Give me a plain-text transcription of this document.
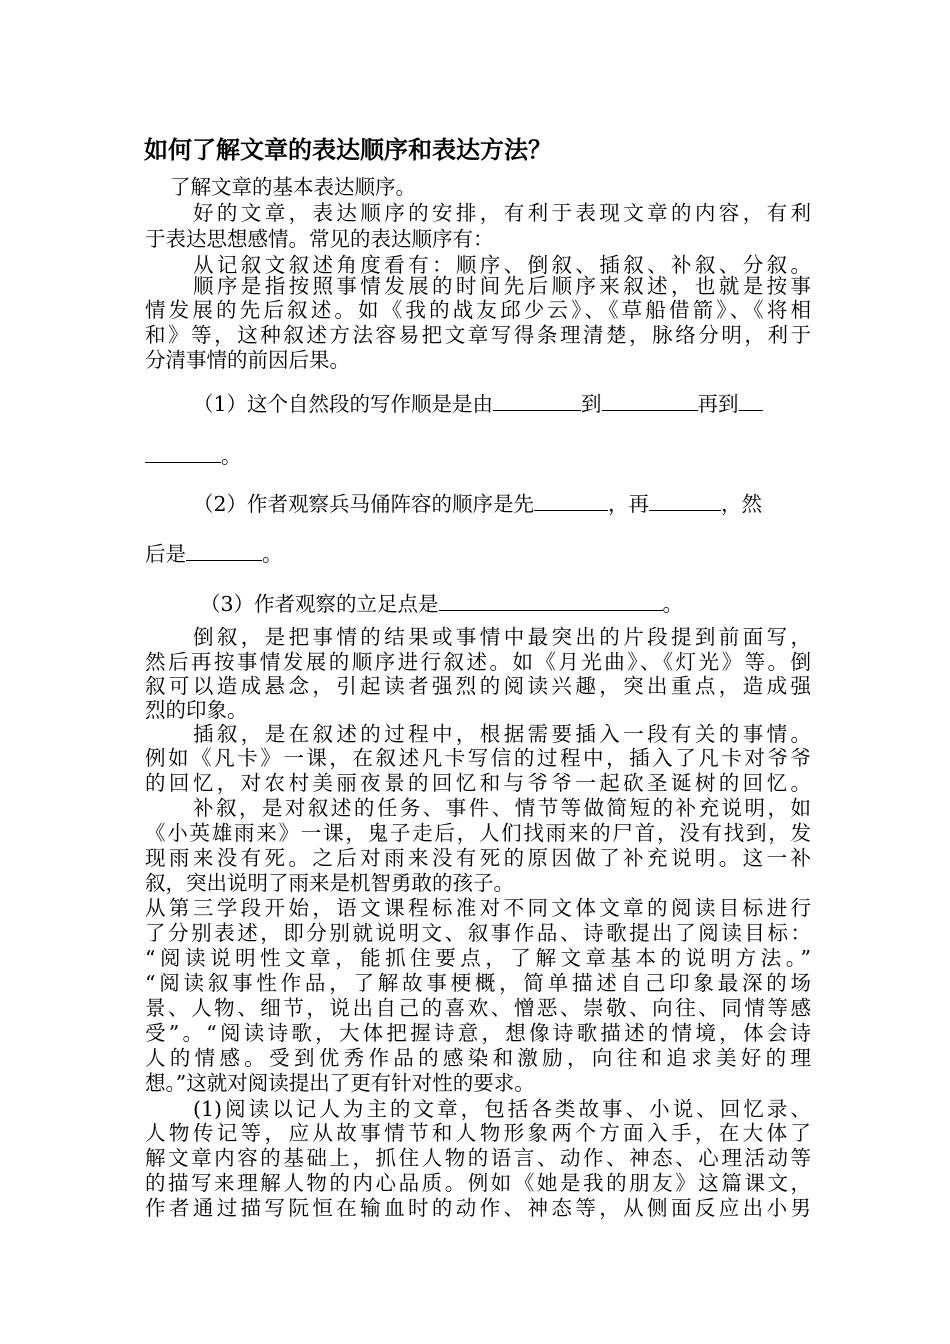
如何了解文章的表达顺序和表达方法？
了解文章的基本表达顺序。
好的文章，表达顺序的安排，有利于表现文章的内容，有利
于表达思想感情。常见的表达顺序有：
从记叙文叙述角度看有：顺序、倒叙、插叙、补叙、分叙。
顺序是指按照事情发展的时间先后顺序来叙述，也就是按事
情发展的先后叙述。如《我的战友邱少云》、《草船借箭》、《将相
和》等，这种叙述方法容易把文章写得条理清楚，脉络分明，利于
分清事情的前因后果。
（1）这个自然段的写作顺是是由	到	再到
。
（2）作者观察兵马俑阵容的顺序是先	，再	，然
后是	。
（3）作者观察的立足点是	。
倒叙，是把事情的结果或事情中最突出的片段提到前面写，
然后再按事情发展的顺序进行叙述。如《月光曲》、《灯光》等。倒
叙可以造成悬念，引起读者强烈的阅读兴趣，突出重点，造成强
烈的印象。
插叙，是在叙述的过程中，根据需要插入一段有关的事情。
例如《凡卡》一课，在叙述凡卡写信的过程中，插入了凡卡对爷爷
的回忆，对农村美丽夜景的回忆和与爷爷一起砍圣诞树的回忆。
补叙，是对叙述的任务、事件、情节等做简短的补充说明，如
《小英雄雨来》一课，鬼子走后，人们找雨来的尸首，没有找到，发
现雨来没有死。之后对雨来没有死的原因做了补充说明。这一补
叙，突出说明了雨来是机智勇敢的孩子。
从第三学段开始，语文课程标准对不同文体文章的阅读目标进行
了分别表述，即分别就说明文、叙事作品、诗歌提出了阅读目标：
“阅读说明性文章，能抓住要点，了解文章基本的说明方法。”
“阅读叙事性作品，了解故事梗概，简单描述自己印象最深的场
景、人物、细节，说出自己的喜欢、憎恶、崇敬、向往、同情等感
受”。“阅读诗歌，大体把握诗意，想像诗歌描述的情境，体会诗
人的情感。受到优秀作品的感染和激励，向往和追求美好的理
想。”这就对阅读提出了更有针对性的要求。
(1)阅读以记人为主的文章，包括各类故事、小说、回忆录、
人物传记等，应从故事情节和人物形象两个方面入手，在大体了
解文章内容的基础上，抓住人物的语言、动作、神态、心理活动等
的描写来理解人物的内心品质。例如《她是我的朋友》这篇课文，
作者通过描写阮恒在输血时的动作、神态等，从侧面反应出小男
